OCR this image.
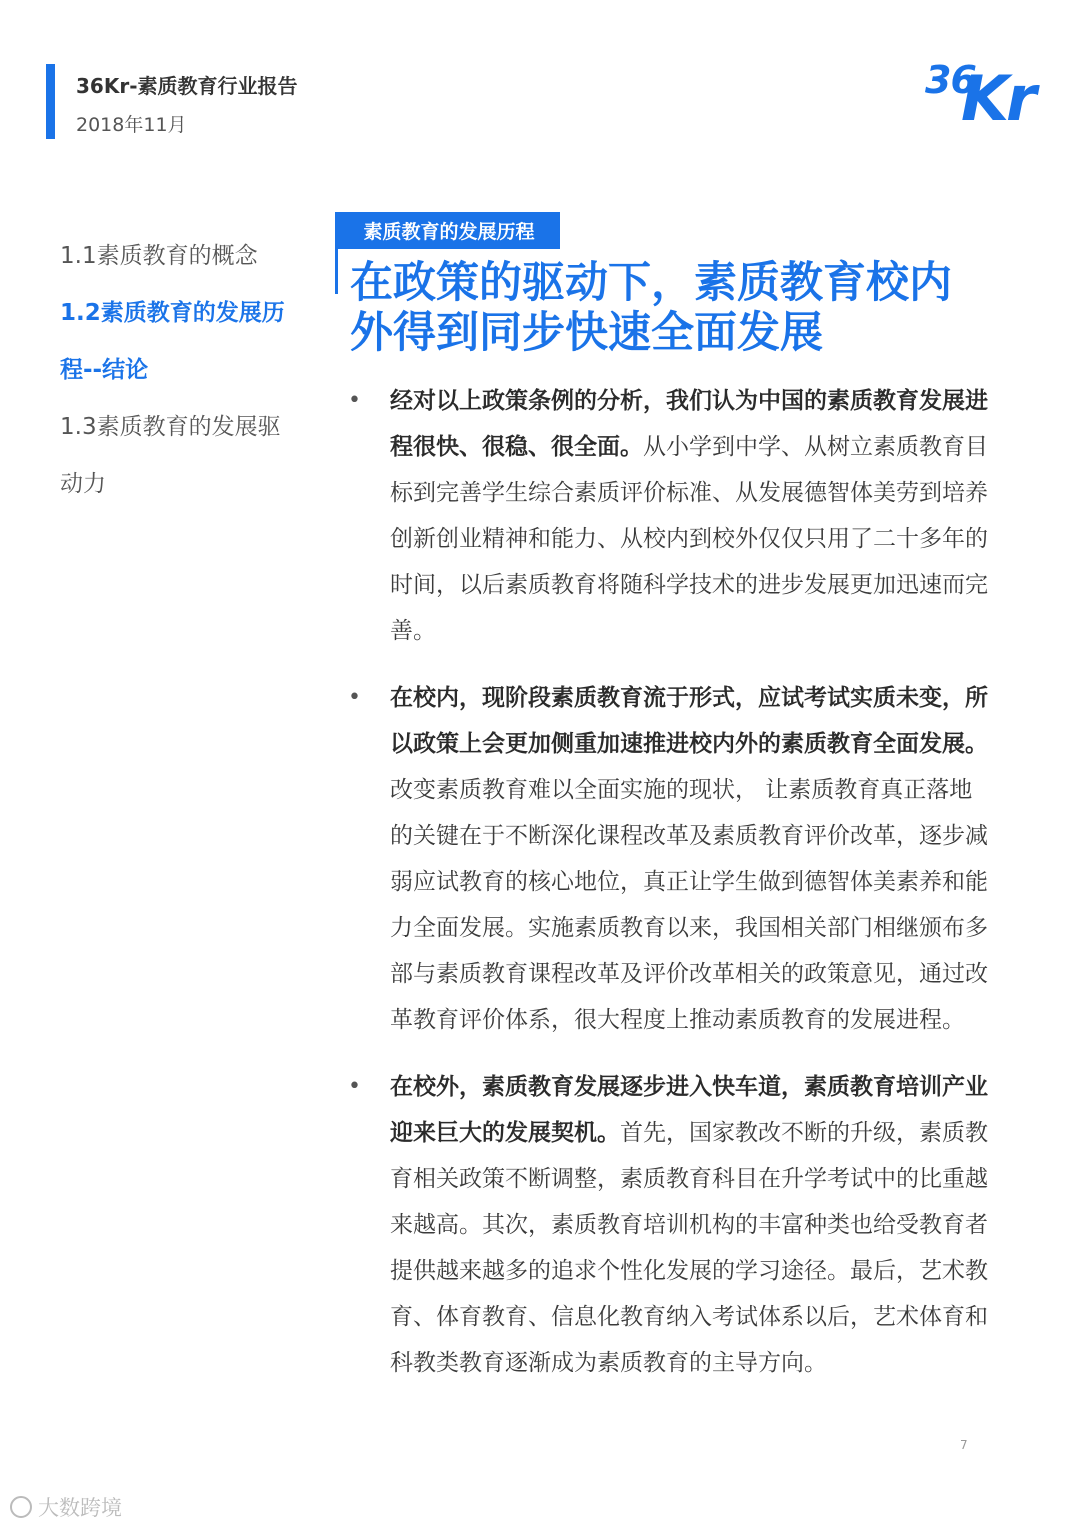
36Kr-素质教育行业报告
2018年11月
36
Kr
1.1素质教育的概念
1.2素质教育的发展历
程--结论
1.3素质教育的发展驱
动力
素质教育的发展历程
在政策的驱动下，素质教育校内
外得到同步快速全面发展
• 经对以上政策条例的分析，我们认为中国的素质教育发展进程很快、很稳、很全面。从小学到中学、从树立素质教育目标到完善学生综合素质评价标准、从发展德智体美劳到培养创新创业精神和能力、从校内到校外仅仅只用了二十多年的时间，以后素质教育将随科学技术的进步发展更加迅速而完善。
• 在校内，现阶段素质教育流于形式，应试考试实质未变，所以政策上会更加侧重加速推进校内外的素质教育全面发展。改变素质教育难以全面实施的现状， 让素质教育真正落地的关键在于不断深化课程改革及素质教育评价改革，逐步减弱应试教育的核心地位，真正让学生做到德智体美素养和能力全面发展。实施素质教育以来，我国相关部门相继颁布多部与素质教育课程改革及评价改革相关的政策意见，通过改革教育评价体系，很大程度上推动素质教育的发展进程。
• 在校外，素质教育发展逐步进入快车道，素质教育培训产业迎来巨大的发展契机。首先，国家教改不断的升级，素质教育相关政策不断调整，素质教育科目在升学考试中的比重越来越高。其次，素质教育培训机构的丰富种类也给受教育者提供越来越多的追求个性化发展的学习途径。最后，艺术教育、体育教育、信息化教育纳入考试体系以后，艺术体育和科教类教育逐渐成为素质教育的主导方向。
7
大数跨境
